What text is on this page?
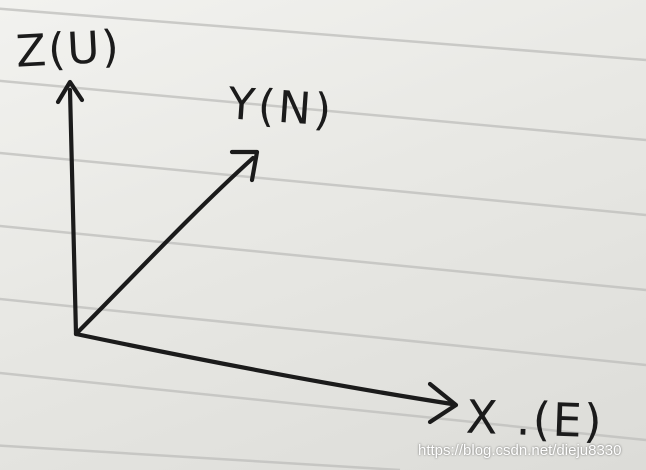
Z(U)
Y(N)
X .(E)
https://blog.csdn.net/dieju8330
